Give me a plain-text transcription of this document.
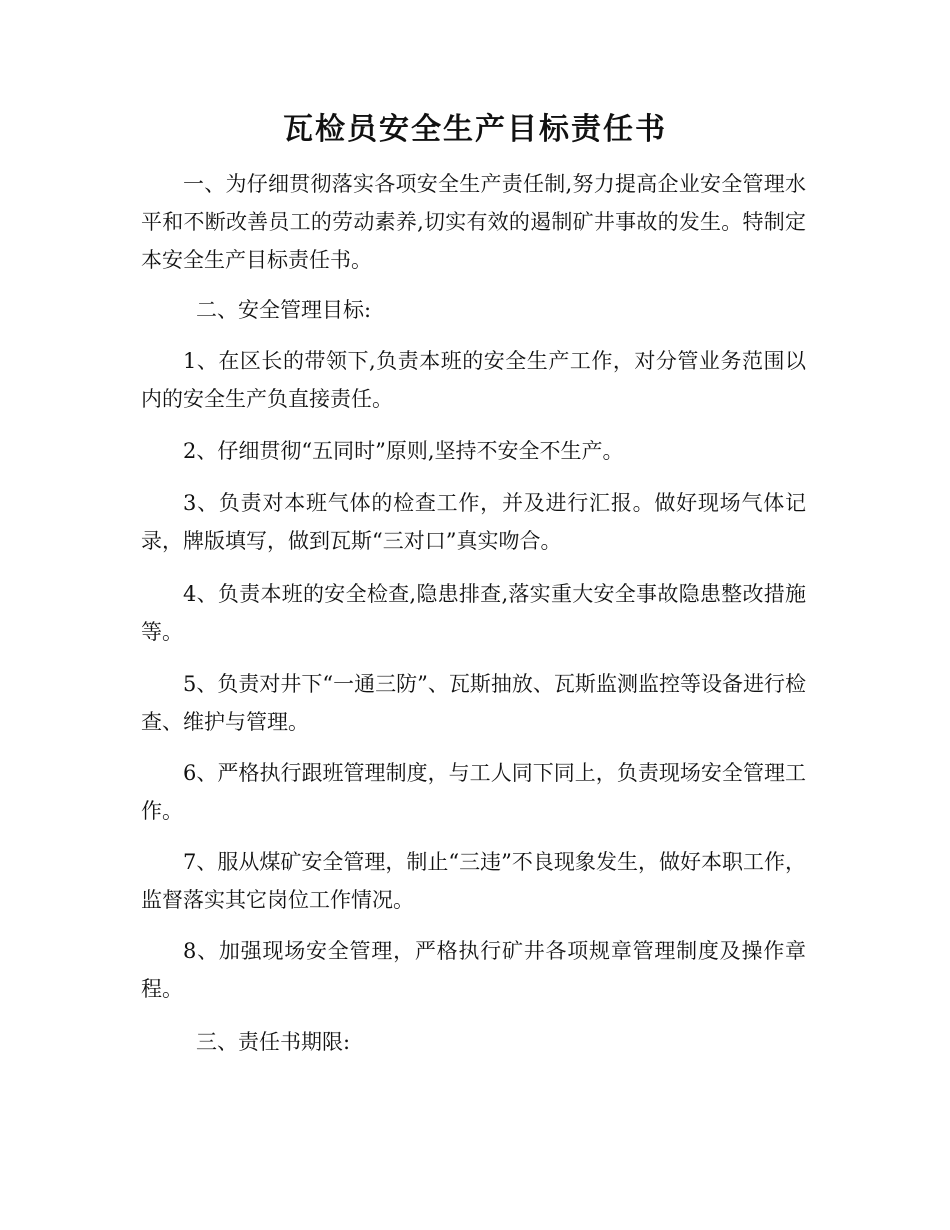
瓦检员安全生产目标责任书

一、为仔细贯彻落实各项安全生产责任制,努力提高企业安全管理水平和不断改善员工的劳动素养,切实有效的遏制矿井事故的发生。特制定本安全生产目标责任书。

二、安全管理目标:

1、在区长的带领下,负责本班的安全生产工作，对分管业务范围以内的安全生产负直接责任。

2、仔细贯彻“五同时”原则,坚持不安全不生产。

3、负责对本班气体的检查工作，并及进行汇报。做好现场气体记录，牌版填写，做到瓦斯“三对口”真实吻合。

4、负责本班的安全检查,隐患排查,落实重大安全事故隐患整改措施等。

5、负责对井下“一通三防”、瓦斯抽放、瓦斯监测监控等设备进行检查、维护与管理。

6、严格执行跟班管理制度，与工人同下同上，负责现场安全管理工作。

7、服从煤矿安全管理，制止“三违”不良现象发生，做好本职工作，监督落实其它岗位工作情况。

8、加强现场安全管理，严格执行矿井各项规章管理制度及操作章程。

三、责任书期限:
